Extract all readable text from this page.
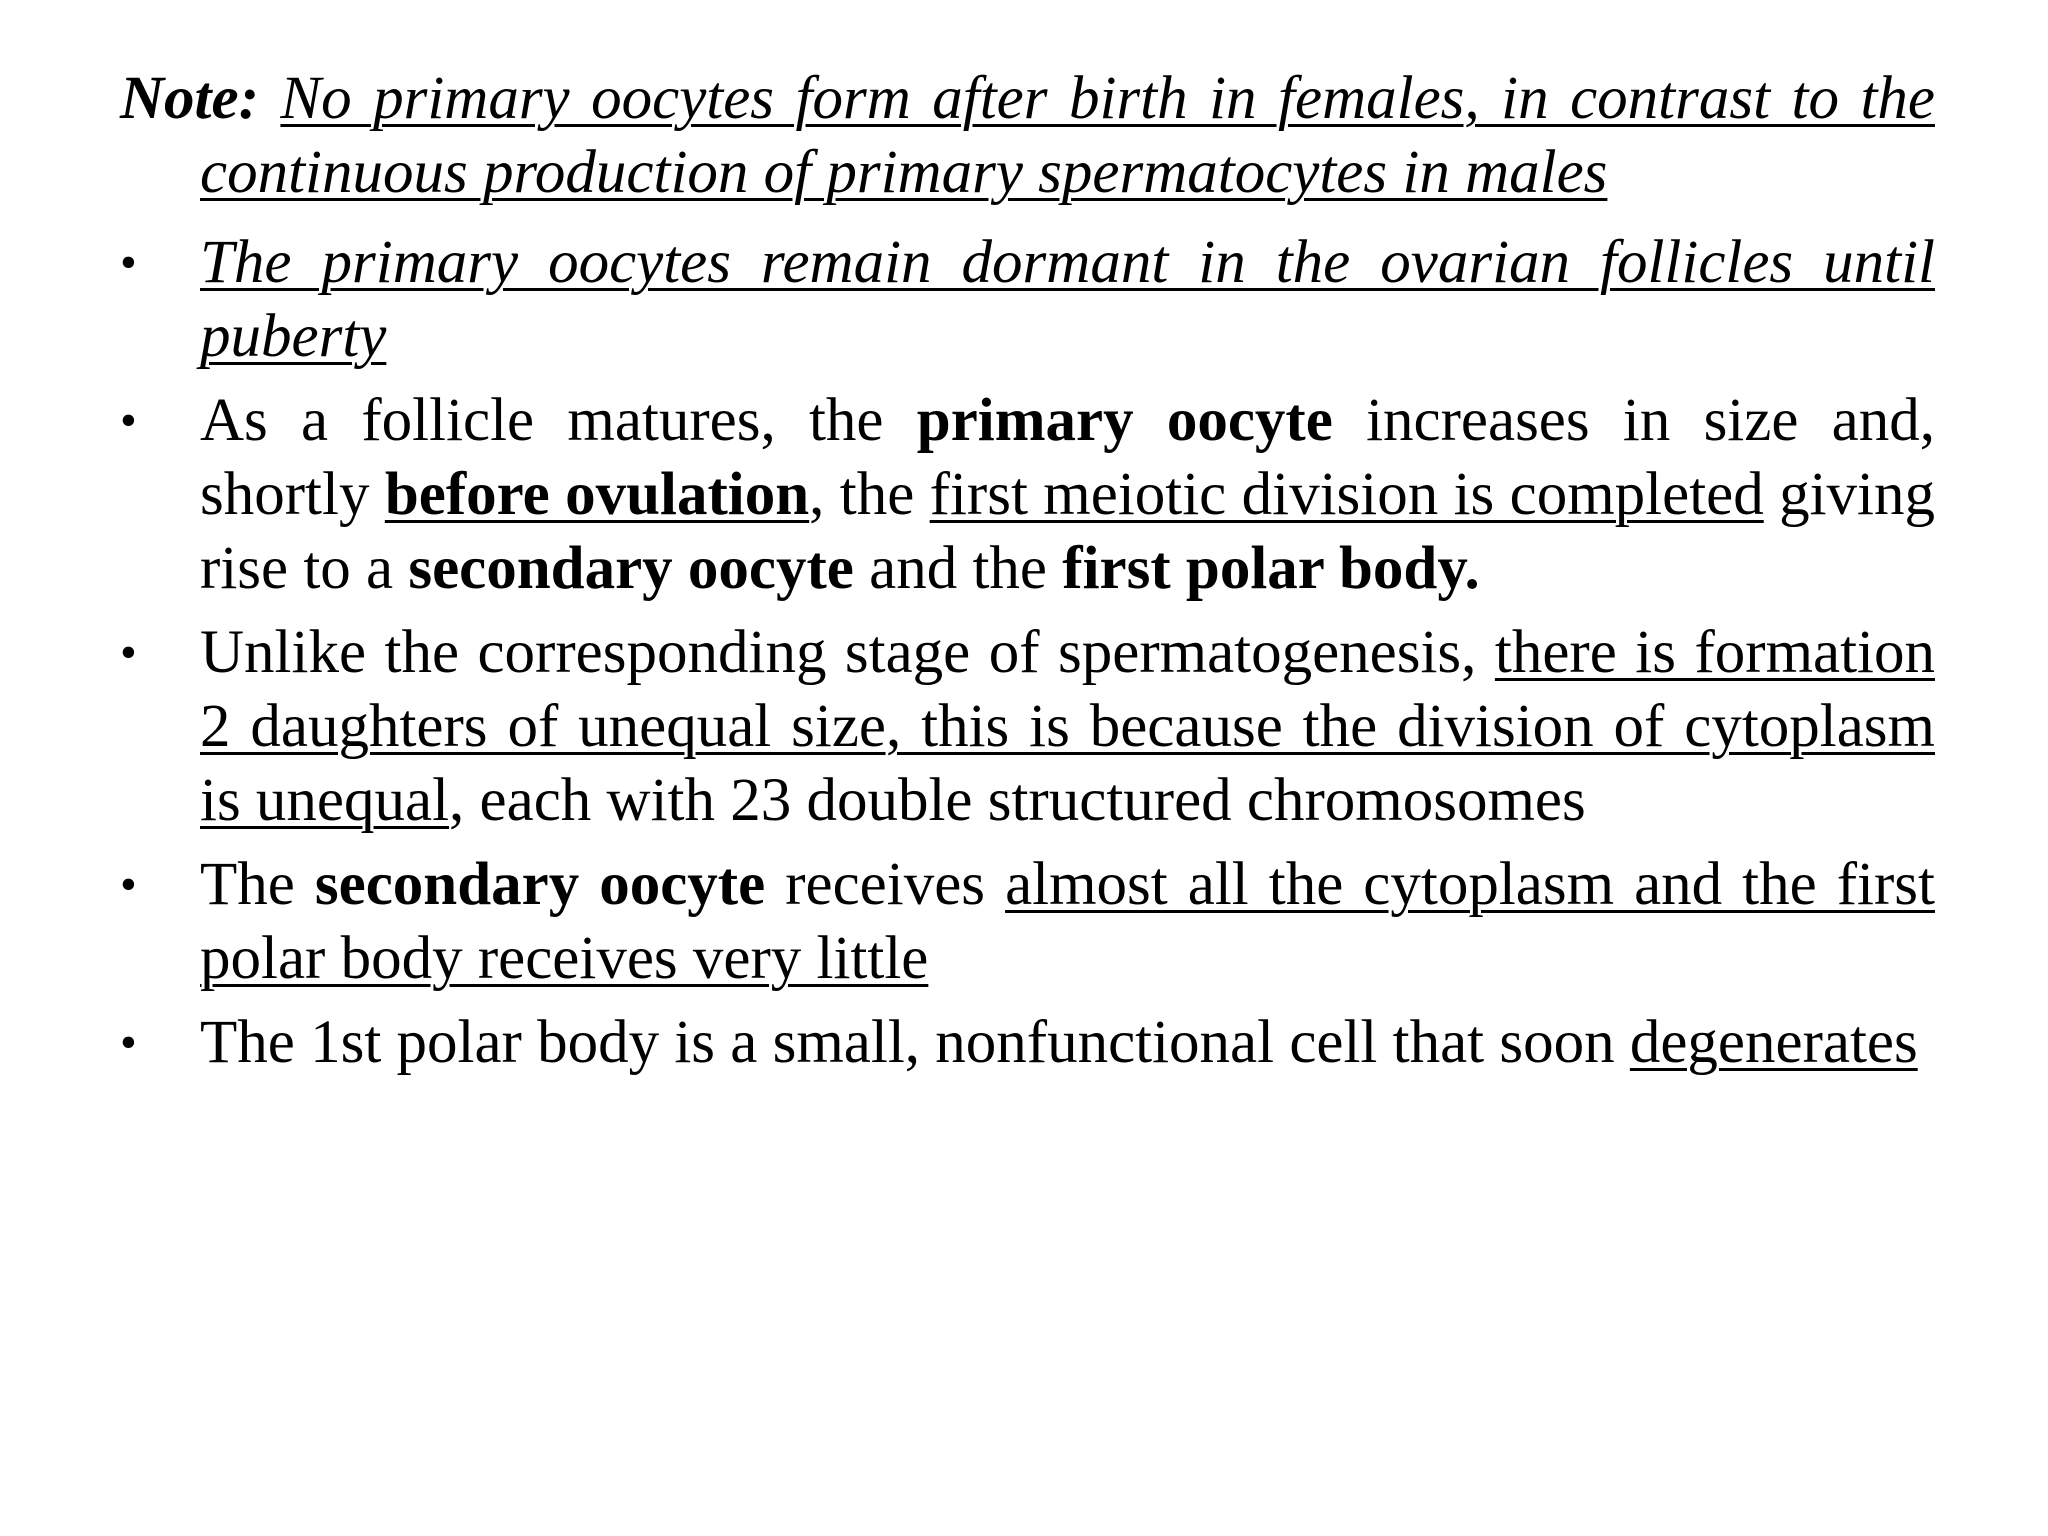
Note: No primary oocytes form after birth in females, in contrast to the continuous production of primary spermatocytes in males

•	The primary oocytes remain dormant in the ovarian follicles until puberty
•	As a follicle matures, the primary oocyte increases in size and, shortly before ovulation, the first meiotic division is completed giving rise to a secondary oocyte and the first polar body.
•	Unlike the corresponding stage of spermatogenesis, there is formation 2 daughters of unequal size, this is because the division of cytoplasm is unequal, each with 23 double structured chromosomes
•	The secondary oocyte receives almost all the cytoplasm and the first polar body receives very little
•	The 1st polar body is a small, nonfunctional cell that soon degenerates
